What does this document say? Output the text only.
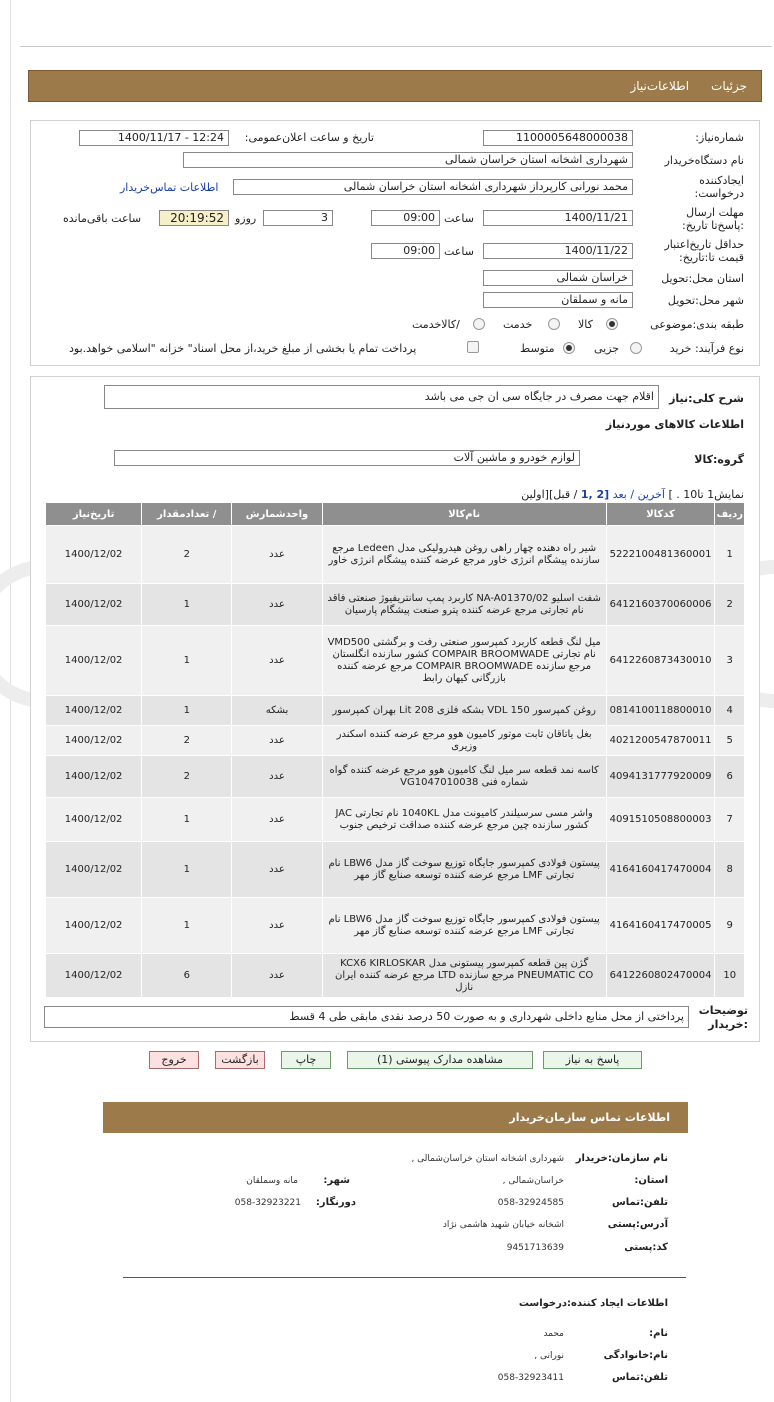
جزئیات
اطلاعات‌نیاز
شماره‌نیاز:
1100005648000038
تاریخ و ساعت اعلان‌عمومی:
1400/11/17 - 12:24
نام دستگاه‌خریدار
شهرداری اشخانه استان خراسان شمالی
ایجادکننده درخواست:
محمد نورانی کارپرداز شهرداری اشخانه استان خراسان شمالی
اطلاعات تماس‌خریدار
مهلت ارسال :پاسخ‌تا تاریخ:
1400/11/21
ساعت
09:00
3
روزو
20:19:52
ساعت باقی‌مانده
حداقل تاریخ‌اعتبار قیمت تا:تاریخ:
1400/11/22
ساعت
09:00
استان محل:تحویل
خراسان شمالی
شهر محل:تحویل
مانه و سملقان
طبقه بندی:موضوعی
کالا
خدمت
/کالاخدمت
نوع فرآیند: خرید
جزیی
متوسط
پرداخت تمام یا بخشی از مبلغ خرید،از محل اسناد" خزانه "اسلامی خواهد.بود
شرح کلی:نیاز
اقلام جهت مصرف در جایگاه سی ان جی می باشد
اطلاعات کالاهای موردنیاز
گروه:کالا
لوازم خودرو و ماشین آلات
نمایش1 تا10 . ] آخرین / بعد [2 ,1 / قبل][اولین
ردیف	کدکالا	نام‌کالا	واحدشمارش	/ تعدادمقدار	تاریخ‌نیاز
1	5222100481360001	شیر راه دهنده چهار راهی روغن هیدرولیکی مدل Ledeen مرجع سازنده پیشگام انرژی خاور مرجع عرضه کننده پیشگام انرژی خاور	عدد	2	1400/12/02
2	6412160370060006	شفت اسلیو NA-A01370/02 کاربرد پمپ سانتریفیوژ صنعتی فاقد نام تجارتی مرجع عرضه کننده پترو صنعت پیشگام پارسیان	عدد	1	1400/12/02
3	6412260873430010	میل لنگ قطعه کاربرد کمپرسور صنعتی رفت و برگشتی VMD500 نام تجارتی COMPAIR BROOMWADE کشور سازنده انگلستان مرجع سازنده COMPAIR BROOMWADE مرجع عرضه کننده بازرگانی کیهان رابط	عدد	1	1400/12/02
4	0814100118800010	روغن کمپرسور VDL 150 بشکه فلزی 208 Lit بهران کمپرسور	بشکه	1	1400/12/02
5	4021200547870011	بغل یاتاقان ثابت موتور کامیون هوو مرجع عرضه کننده اسکندر وزیری	عدد	2	1400/12/02
6	4094131777920009	کاسه نمد قطعه سر میل لنگ کامیون هوو مرجع عرضه کننده گواه شماره فنی VG1047010038	عدد	2	1400/12/02
7	4091510508800003	واشر مسی سرسیلندر کامیونت مدل 1040KL نام تجارتی JAC کشور سازنده چین مرجع عرضه کننده صداقت ترخیص جنوب	عدد	1	1400/12/02
8	4164160417470004	پیستون فولادی کمپرسور جایگاه توزیع سوخت گاز مدل LBW6 نام تجارتی LMF مرجع عرضه کننده توسعه صنایع گاز مهر	عدد	1	1400/12/02
9	4164160417470005	پیستون فولادی کمپرسور جایگاه توزیع سوخت گاز مدل LBW6 نام تجارتی LMF مرجع عرضه کننده توسعه صنایع گاز مهر	عدد	1	1400/12/02
10	6412260802470004	گژن پین قطعه کمپرسور پیستونی مدل KCX6 KIRLOSKAR PNEUMATIC CO مرجع سازنده LTD مرجع عرضه کننده ایران نازل	عدد	6	1400/12/02
توضیحات :خریدار
پرداختی از محل منابع داخلی شهرداری و به صورت 50 درصد نقدی مابقی طی 4 قسط
پاسخ به نیاز
مشاهده مدارک پیوستی (1)
چاپ
بازگشت
خروج
اطلاعات تماس سازمان‌خریدار
نام سازمان:خریدار
شهرداری اشخانه استان خراسان‌شمالی ,
استان:
خراسان‌شمالی ,
شهر:
مانه وسملقان
تلفن:تماس
058-32924585
دورنگار:
058-32923221
آدرس:پستی
اشخانه خیابان شهید هاشمی نژاد
کد:پستی
9451713639
اطلاعات ایجاد کننده:درخواست
نام:
محمد
نام:خانوادگی
نورانی ,
تلفن:تماس
058-32923411
